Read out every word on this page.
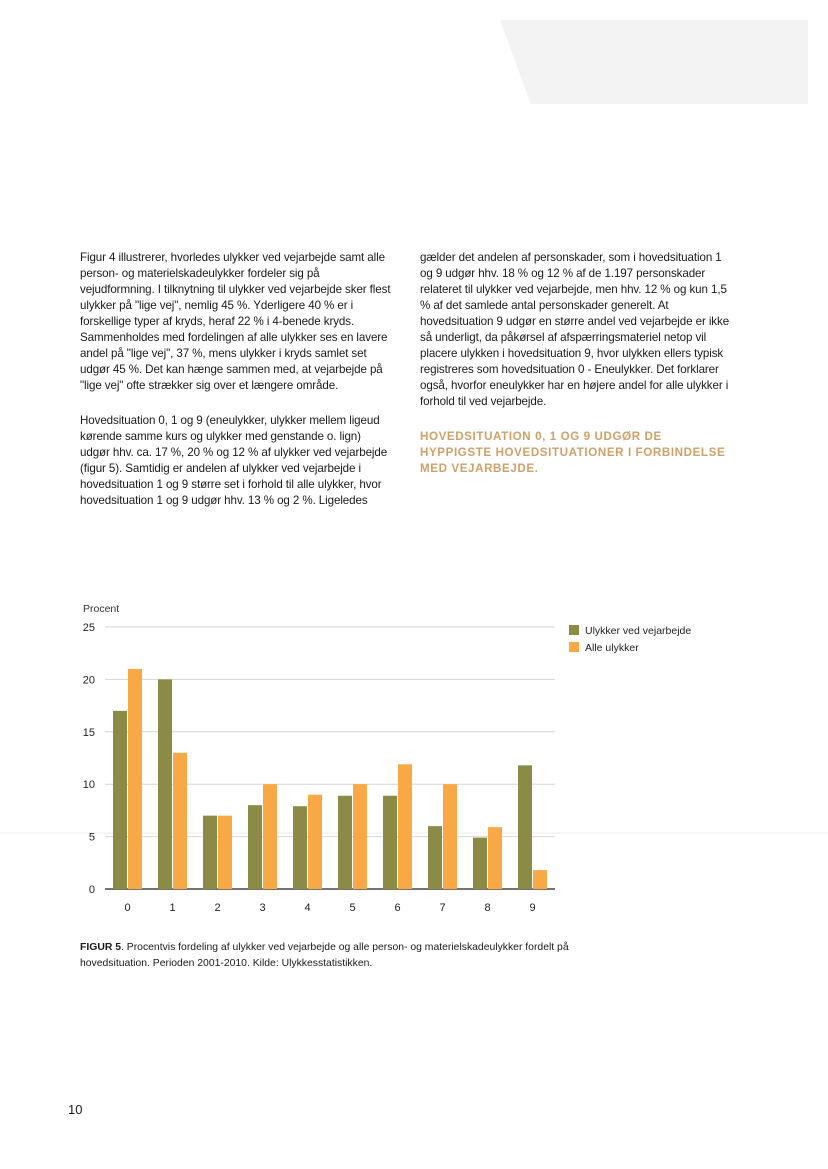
Figur 4 illustrerer, hvorledes ulykker ved vejarbejde samt alle person- og materielskadeulykker fordeler sig på vejudformning. I tilknytning til ulykker ved vejarbejde sker flest ulykker på "lige vej", nemlig 45 %. Yderligere 40 % er i forskellige typer af kryds, heraf 22 % i 4-benede kryds. Sammenholdes med fordelingen af alle ulykker ses en lavere andel på "lige vej", 37 %, mens ulykker i kryds samlet set udgør 45 %. Det kan hænge sammen med, at vejarbejde på "lige vej" ofte strækker sig over et længere område.

Hovedsituation 0, 1 og 9 (eneulykker, ulykker mellem ligeud kørende samme kurs og ulykker med genstande o. lign) udgør hhv. ca. 17 %, 20 % og 12 % af ulykker ved vejarbejde (figur 5). Samtidig er andelen af ulykker ved vejarbejde i hovedsituation 1 og 9 større set i forhold til alle ulykker, hvor hovedsituation 1 og 9 udgør hhv. 13 % og 2 %. Ligeledes

gælder det andelen af personskader, som i hovedsituation 1 og 9 udgør hhv. 18 % og 12 % af de 1.197 personskader relateret til ulykker ved vejarbejde, men hhv. 12 % og kun 1,5 % af det samlede antal personskader generelt. At hovedsituation 9 udgør en større andel ved vejarbejde er ikke så underligt, da påkørsel af afspærringsmateriel netop vil placere ulykken i hovedsituation 9, hvor ulykken ellers typisk registreres som hovedsituation 0 - Eneulykker. Det forklarer også, hvorfor eneulykker har en højere andel for alle ulykker i forhold til ved vejarbejde.

HOVEDSITUATION 0, 1 OG 9 UDGØR DE HYPPIGSTE HOVEDSITUATIONER I FORBINDELSE MED VEJARBEJDE.
0
5
10
15
20
25
0	1	2	3	4	5	6	7	8	9
Procent
Ulykker ved vejarbejde
Alle ulykker
FIGUR 5. Procentvis fordeling af ulykker ved vejarbejde og alle person- og materielskadeulykker fordelt på hovedsituation. Perioden 2001-2010. Kilde: Ulykkesstatistikken.
10
